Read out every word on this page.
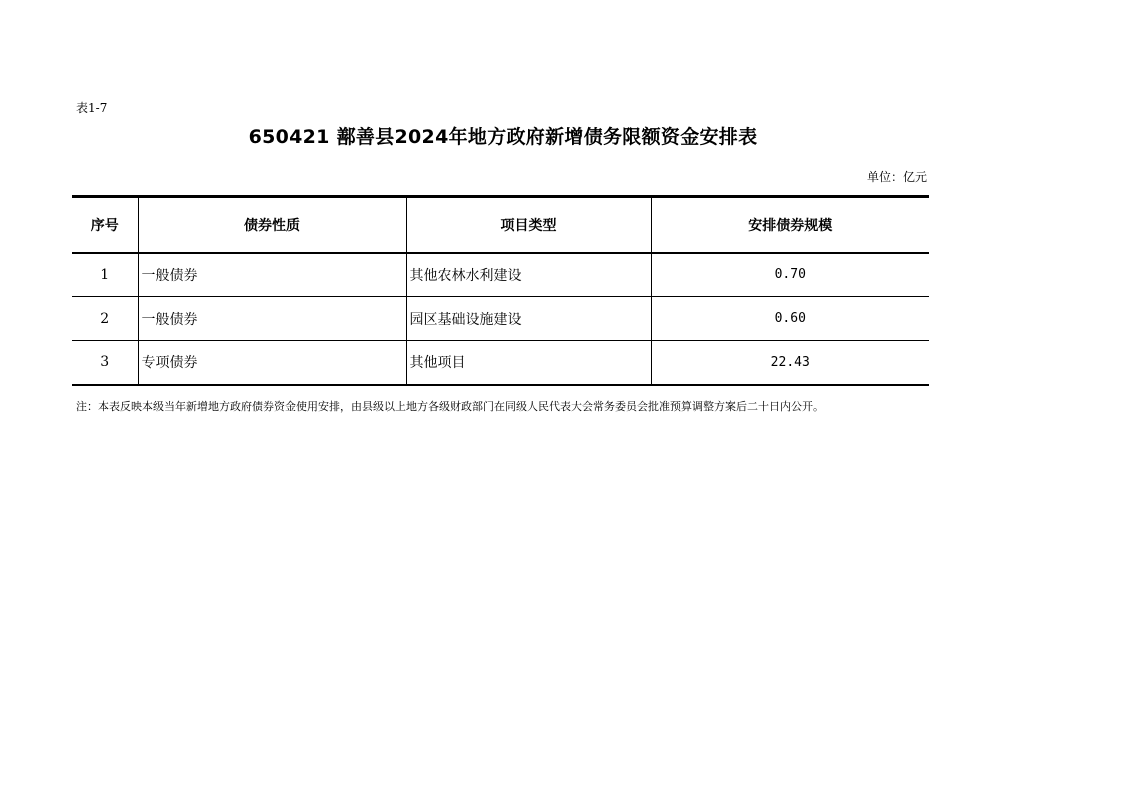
表1-7
650421 鄯善县2024年地方政府新增债务限额资金安排表
单位：亿元
序号	债券性质	项目类型	安排债券规模
1	一般债券	其他农林水利建设	0.70
2	一般债券	园区基础设施建设	0.60
3	专项债券	其他项目	22.43
注：本表反映本级当年新增地方政府债券资金使用安排，由县级以上地方各级财政部门在同级人民代表大会常务委员会批准预算调整方案后二十日内公开。
